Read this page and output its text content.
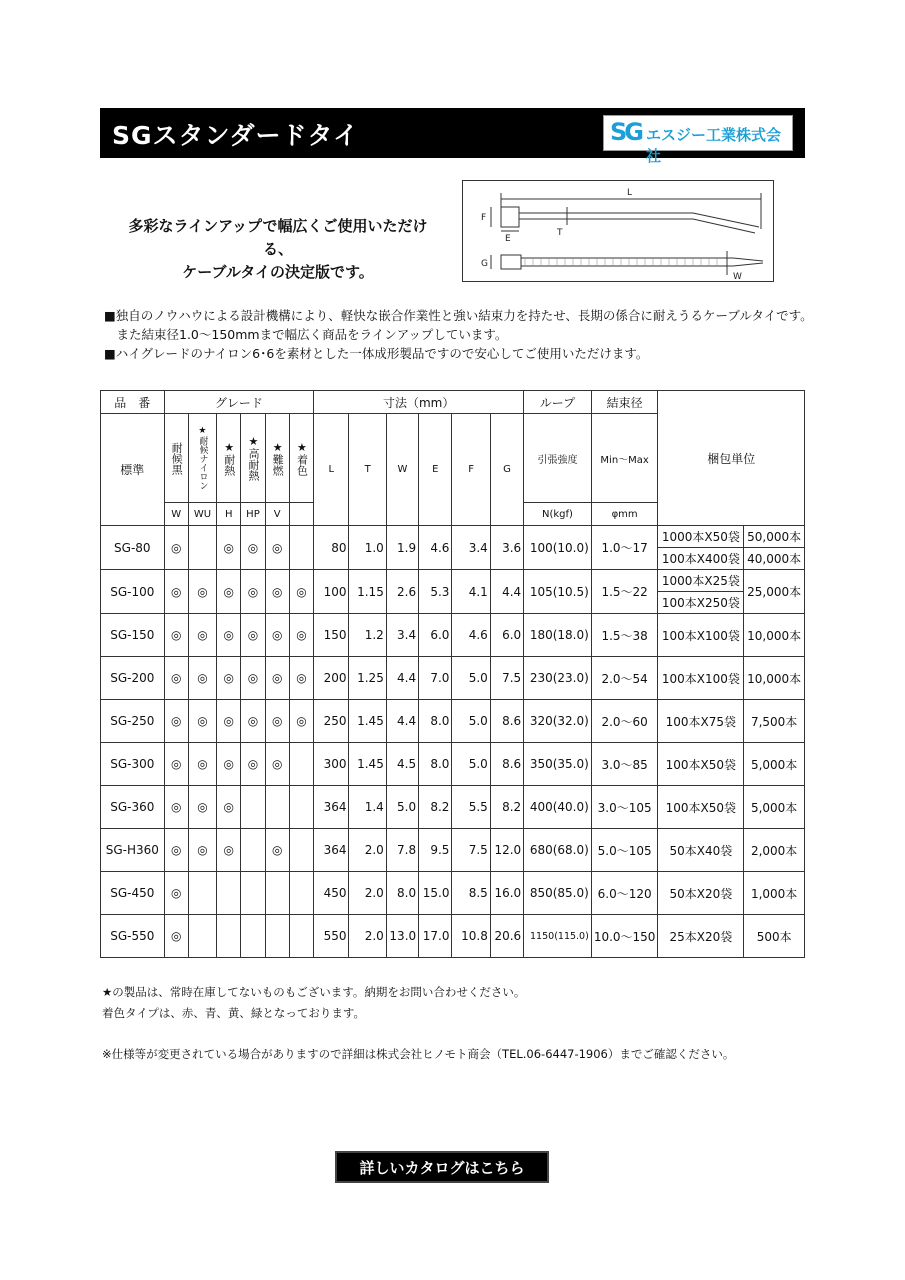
SGスタンダードタイ	SG エスジー工業株式会社
多彩なラインアップで幅広くご使用いただける、
ケーブルタイの決定版です。
L
F
E
T
G
W
■独自のノウハウによる設計機構により、軽快な嵌合作業性と強い結束力を持たせ、長期の係合に耐えうるケーブルタイです。
　また結束径1.0～150mmまで幅広く商品をラインアップしています。
■ハイグレードのナイロン6･6を素材とした一体成形製品ですので安心してご使用いただけます。
品　番	グレード						寸法（mm）						ループ	結束径	梱包単位	
標準	耐候黒	★耐候ナイロン	★耐熱	★高耐熱	★難燃	★着色	L	T	W	E	F	G	引張強度	Min～Max		
	W	WU	H	HP	V								N(kgf)	φmm		
SG-80	◎		◎	◎	◎		80	1.0	1.9	4.6	3.4	3.6	100(10.0)	1.0～17	1000本X50袋	50,000本
															100本X400袋	40,000本
SG-100	◎	◎	◎	◎	◎	◎	100	1.15	2.6	5.3	4.1	4.4	105(10.5)	1.5～22	1000本X25袋	25,000本
															100本X250袋	
SG-150	◎	◎	◎	◎	◎	◎	150	1.2	3.4	6.0	4.6	6.0	180(18.0)	1.5～38	100本X100袋	10,000本
SG-200	◎	◎	◎	◎	◎	◎	200	1.25	4.4	7.0	5.0	7.5	230(23.0)	2.0～54	100本X100袋	10,000本
SG-250	◎	◎	◎	◎	◎	◎	250	1.45	4.4	8.0	5.0	8.6	320(32.0)	2.0～60	100本X75袋	7,500本
SG-300	◎	◎	◎	◎	◎		300	1.45	4.5	8.0	5.0	8.6	350(35.0)	3.0～85	100本X50袋	5,000本
SG-360	◎	◎	◎				364	1.4	5.0	8.2	5.5	8.2	400(40.0)	3.0～105	100本X50袋	5,000本
SG-H360	◎	◎	◎		◎		364	2.0	7.8	9.5	7.5	12.0	680(68.0)	5.0～105	50本X40袋	2,000本
SG-450	◎						450	2.0	8.0	15.0	8.5	16.0	850(85.0)	6.0～120	50本X20袋	1,000本
SG-550	◎						550	2.0	13.0	17.0	10.8	20.6	1150(115.0)	10.0～150	25本X20袋	500本
★の製品は、常時在庫してないものもございます。納期をお問い合わせください。
着色タイプは、赤、青、黄、緑となっております。
※仕様等が変更されている場合がありますので詳細は株式会社ヒノモト商会（TEL.06-6447-1906）までご確認ください。
詳しいカタログはこちら
